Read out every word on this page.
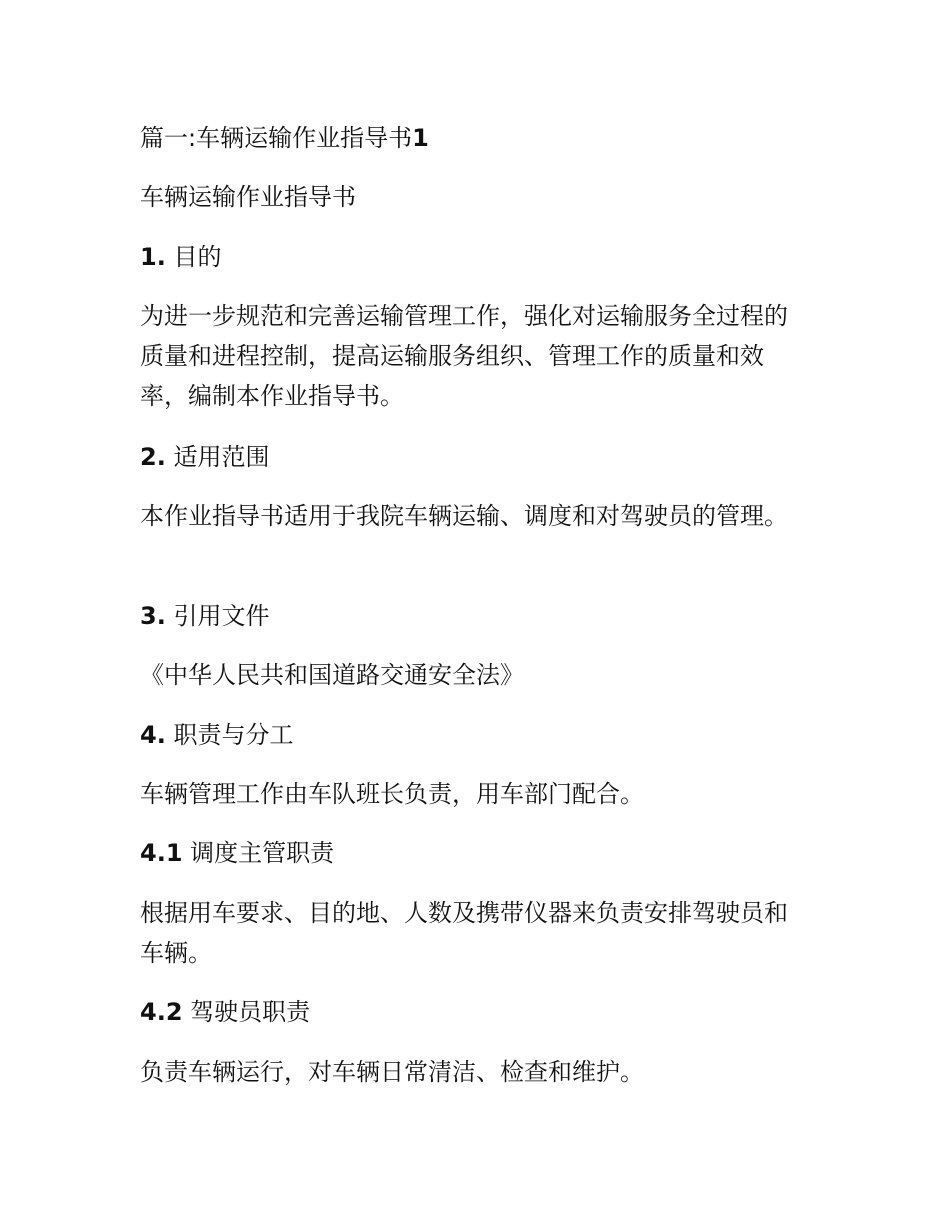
篇一:车辆运输作业指导书1
车辆运输作业指导书
1. 目的

为进一步规范和完善运输管理工作，强化对运输服务全过程的质量和进程控制，提高运输服务组织、管理工作的质量和效率，编制本作业指导书。

2. 适用范围

本作业指导书适用于我院车辆运输、调度和对驾驶员的管理。

3. 引用文件

《中华人民共和国道路交通安全法》

4. 职责与分工

车辆管理工作由车队班长负责，用车部门配合。

4.1 调度主管职责

根据用车要求、目的地、人数及携带仪器来负责安排驾驶员和车辆。

4.2 驾驶员职责

负责车辆运行，对车辆日常清洁、检查和维护。
